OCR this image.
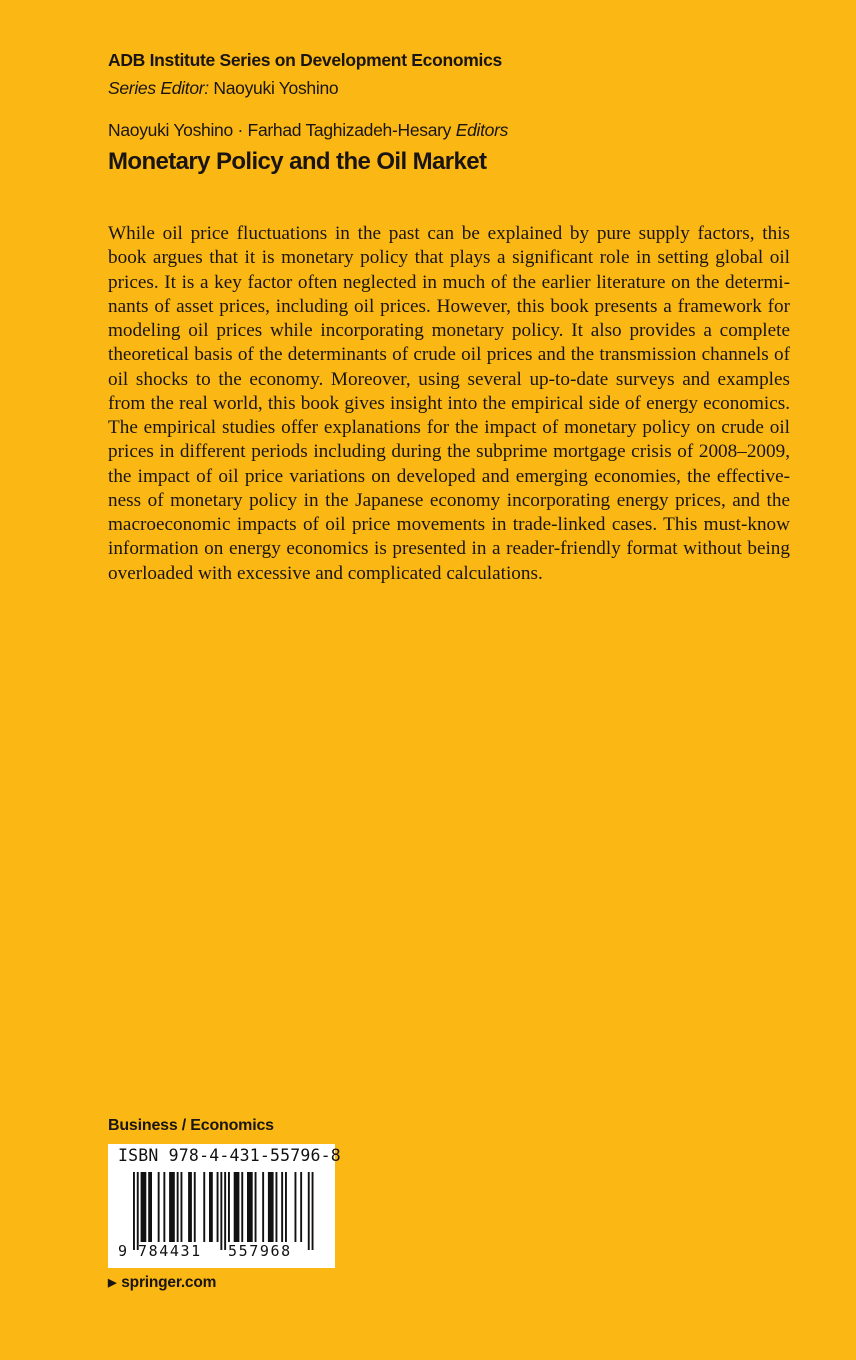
ADB Institute Series on Development Economics
Series Editor: Naoyuki Yoshino
Naoyuki Yoshino · Farhad Taghizadeh-Hesary Editors
Monetary Policy and the Oil Market

While oil price fluctuations in the past can be explained by pure supply factors, this book argues that it is monetary policy that plays a significant role in setting global oil prices. It is a key factor often neglected in much of the earlier literature on the determinants of asset prices, including oil prices. However, this book presents a framework for modeling oil prices while incorporating monetary policy. It also provides a complete theoretical basis of the determinants of crude oil prices and the transmission channels of oil shocks to the economy. Moreover, using several up-to-date surveys and examples from the real world, this book gives insight into the empirical side of energy economics. The empirical studies offer explanations for the impact of monetary policy on crude oil prices in different periods including during the subprime mortgage crisis of 2008–2009, the impact of oil price variations on developed and emerging economies, the effectiveness of monetary policy in the Japanese economy incorporating energy prices, and the macroeconomic impacts of oil price movements in trade-linked cases. This must-know information on energy economics is presented in a reader-friendly format without being overloaded with excessive and complicated calculations.

Business / Economics
ISBN 978-4-431-55796-8
9 784431 557968
▶ springer.com
